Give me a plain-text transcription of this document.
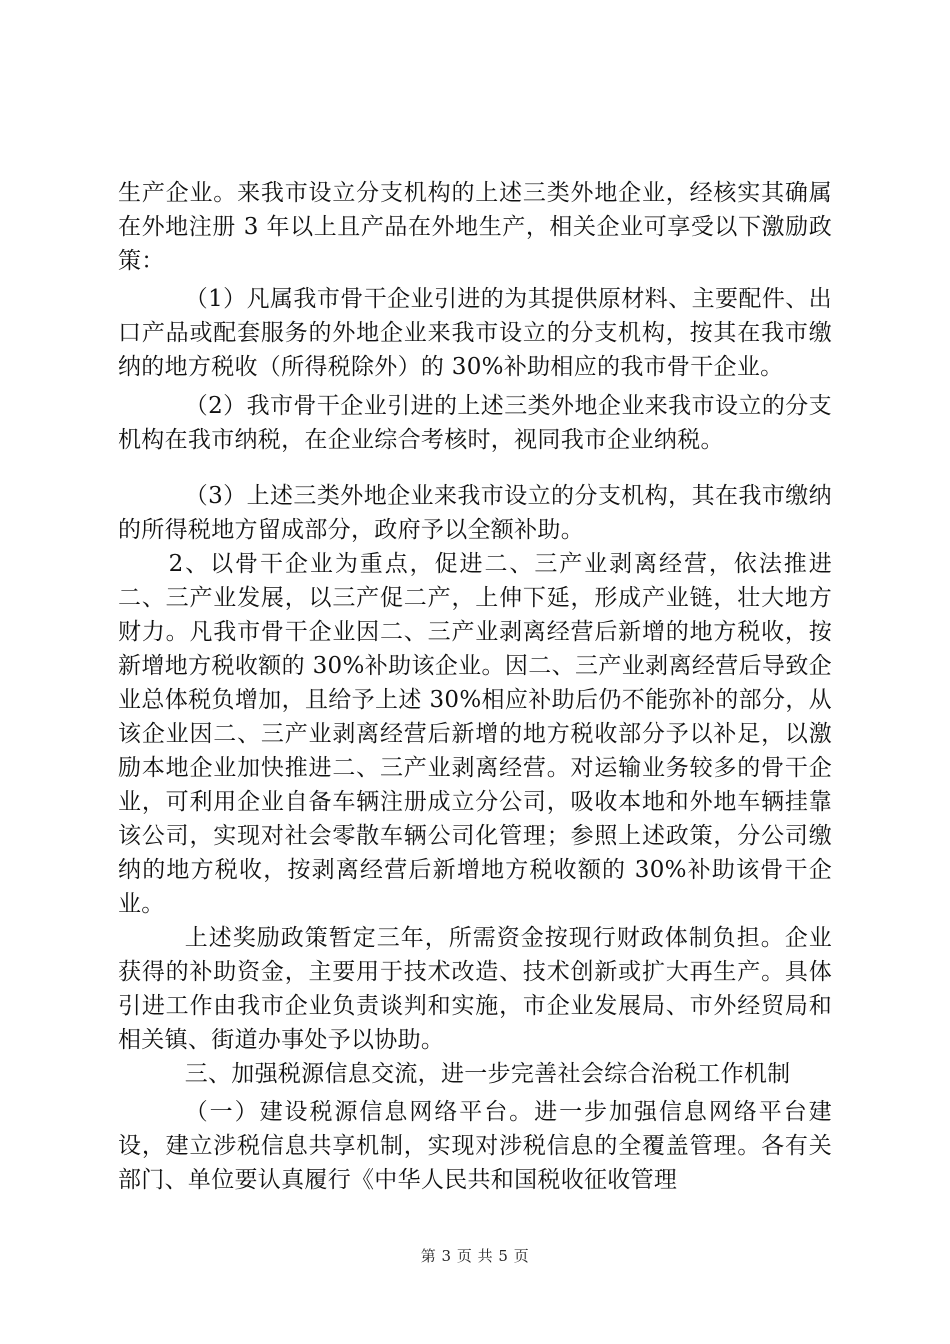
生产企业。来我市设立分支机构的上述三类外地企业，经核实其确属在外地注册 3 年以上且产品在外地生产，相关企业可享受以下激励政策：

（1）凡属我市骨干企业引进的为其提供原材料、主要配件、出口产品或配套服务的外地企业来我市设立的分支机构，按其在我市缴纳的地方税收（所得税除外）的 30%补助相应的我市骨干企业。

（2）我市骨干企业引进的上述三类外地企业来我市设立的分支机构在我市纳税，在企业综合考核时，视同我市企业纳税。

（3）上述三类外地企业来我市设立的分支机构，其在我市缴纳的所得税地方留成部分，政府予以全额补助。

2、以骨干企业为重点，促进二、三产业剥离经营，依法推进二、三产业发展，以三产促二产，上伸下延，形成产业链，壮大地方财力。凡我市骨干企业因二、三产业剥离经营后新增的地方税收，按新增地方税收额的 30%补助该企业。因二、三产业剥离经营后导致企业总体税负增加，且给予上述 30%相应补助后仍不能弥补的部分，从该企业因二、三产业剥离经营后新增的地方税收部分予以补足，以激励本地企业加快推进二、三产业剥离经营。对运输业务较多的骨干企业，可利用企业自备车辆注册成立分公司，吸收本地和外地车辆挂靠该公司，实现对社会零散车辆公司化管理；参照上述政策，分公司缴纳的地方税收，按剥离经营后新增地方税收额的 30%补助该骨干企业。

上述奖励政策暂定三年，所需资金按现行财政体制负担。企业获得的补助资金，主要用于技术改造、技术创新或扩大再生产。具体引进工作由我市企业负责谈判和实施，市企业发展局、市外经贸局和相关镇、街道办事处予以协助。

三、加强税源信息交流，进一步完善社会综合治税工作机制

（一）建设税源信息网络平台。进一步加强信息网络平台建设，建立涉税信息共享机制，实现对涉税信息的全覆盖管理。各有关部门、单位要认真履行《中华人民共和国税收征收管理

第 3 页 共 5 页
